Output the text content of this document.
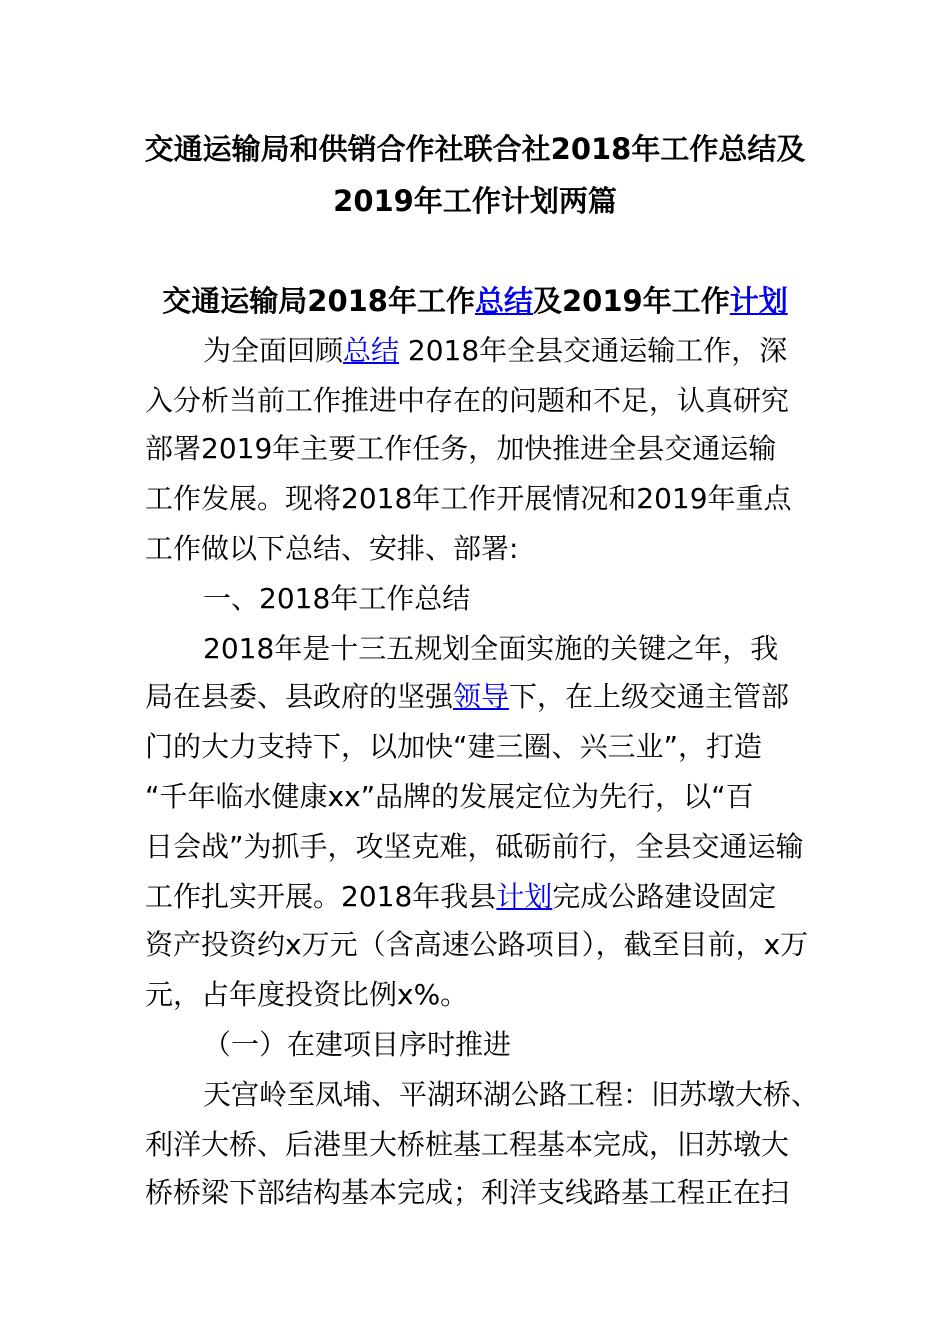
交通运输局和供销合作社联合社2018年工作总结及
2019年工作计划两篇
交通运输局2018年工作总结及2019年工作计划

为全面回顾总结 2018年全县交通运输工作，深

入分析当前工作推进中存在的问题和不足，认真研究

部署2019年主要工作任务，加快推进全县交通运输

工作发展。现将2018年工作开展情况和2019年重点

工作做以下总结、安排、部署:

一、2018年工作总结

2018年是十三五规划全面实施的关键之年，我

局在县委、县政府的坚强领导下，在上级交通主管部

门的大力支持下，以加快“建三圈、兴三业”，打造

“千年临水健康xx”品牌的发展定位为先行，以“百

日会战”为抓手，攻坚克难，砥砺前行，全县交通运输

工作扎实开展。2018年我县计划完成公路建设固定

资产投资约x万元（含高速公路项目），截至目前，x万

元，占年度投资比例x%。

（一）在建项目序时推进

天宫岭至凤埔、平湖环湖公路工程：旧苏墩大桥、

利洋大桥、后港里大桥桩基工程基本完成，旧苏墩大

桥桥梁下部结构基本完成；利洋支线路基工程正在扫
